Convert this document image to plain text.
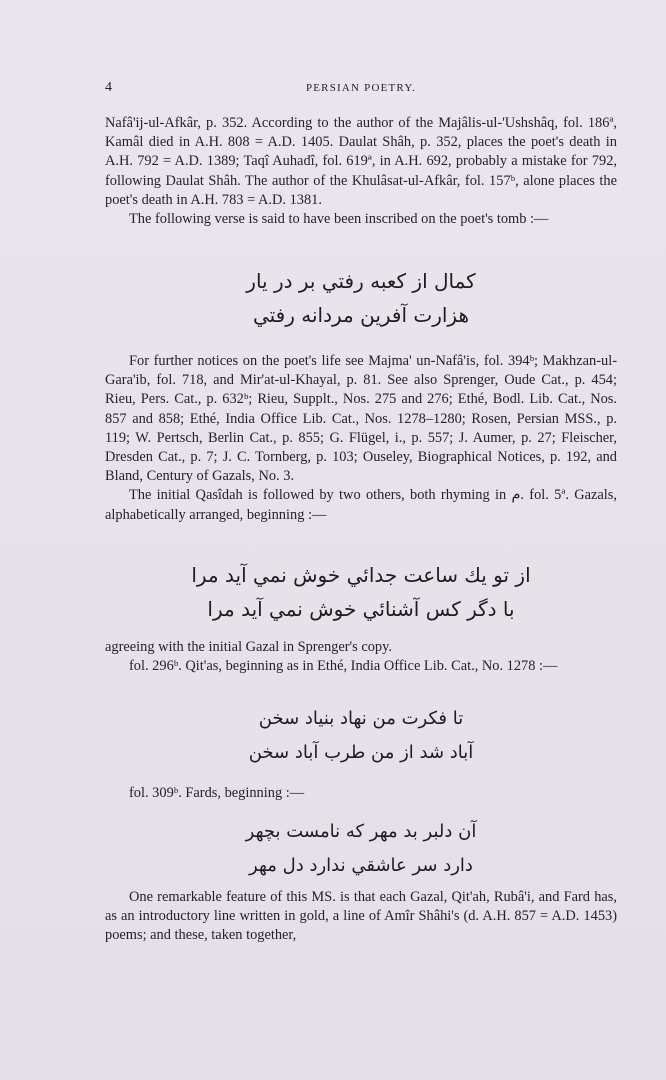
4	PERSIAN POETRY.

Nafâ'ij-ul-Afkâr, p. 352. According to the author of the Majâlis-ul-'Ushshâq, fol. 186ª, Kamâl died in A.H. 808 = A.D. 1405. Daulat Shâh, p. 352, places the poet's death in A.H. 792 = A.D. 1389; Taqî Auhadî, fol. 619ª, in A.H. 692, probably a mistake for 792, following Daulat Shâh. The author of the Khulâsat-ul-Afkâr, fol. 157ᵇ, alone places the poet's death in A.H. 783 = A.D. 1381.

The following verse is said to have been inscribed on the poet's tomb :—

كمال از كعبه رفتي بر در يار
هزارت آفرين مردانه رفتي

For further notices on the poet's life see Majma' un-Nafâ'is, fol. 394ᵇ; Makhzan-ul-Gara'ib, fol. 718, and Mir'at-ul-Khayal, p. 81. See also Sprenger, Oude Cat., p. 454; Rieu, Pers. Cat., p. 632ᵇ; Rieu, Supplt., Nos. 275 and 276; Ethé, Bodl. Lib. Cat., Nos. 857 and 858; Ethé, India Office Lib. Cat., Nos. 1278–1280; Rosen, Persian MSS., p. 119; W. Pertsch, Berlin Cat., p. 855; G. Flügel, i., p. 557; J. Aumer, p. 27; Fleischer, Dresden Cat., p. 7; J. C. Tornberg, p. 103; Ouseley, Biographical Notices, p. 192, and Bland, Century of Gazals, No. 3.

The initial Qasîdah is followed by two others, both rhyming in م. fol. 5ª. Gazals, alphabetically arranged, beginning :—

از تو يك ساعت جدائي خوش نمي آيد مرا
با دگر كس آشنائي خوش نمي آيد مرا

agreeing with the initial Gazal in Sprenger's copy.

fol. 296ᵇ. Qit'as, beginning as in Ethé, India Office Lib. Cat., No. 1278 :—

تا فكرت من نهاد بنياد سخن
آباد شد از من طرب آباد سخن

fol. 309ᵇ. Fards, beginning :—

آن دلبر بد مهر كه نامست بچهر
دارد سر عاشقي ندارد دل مهر

One remarkable feature of this MS. is that each Gazal, Qit'ah, Rubâ'i, and Fard has, as an introductory line written in gold, a line of Amîr Shâhi's (d. A.H. 857 = A.D. 1453) poems; and these, taken together,
